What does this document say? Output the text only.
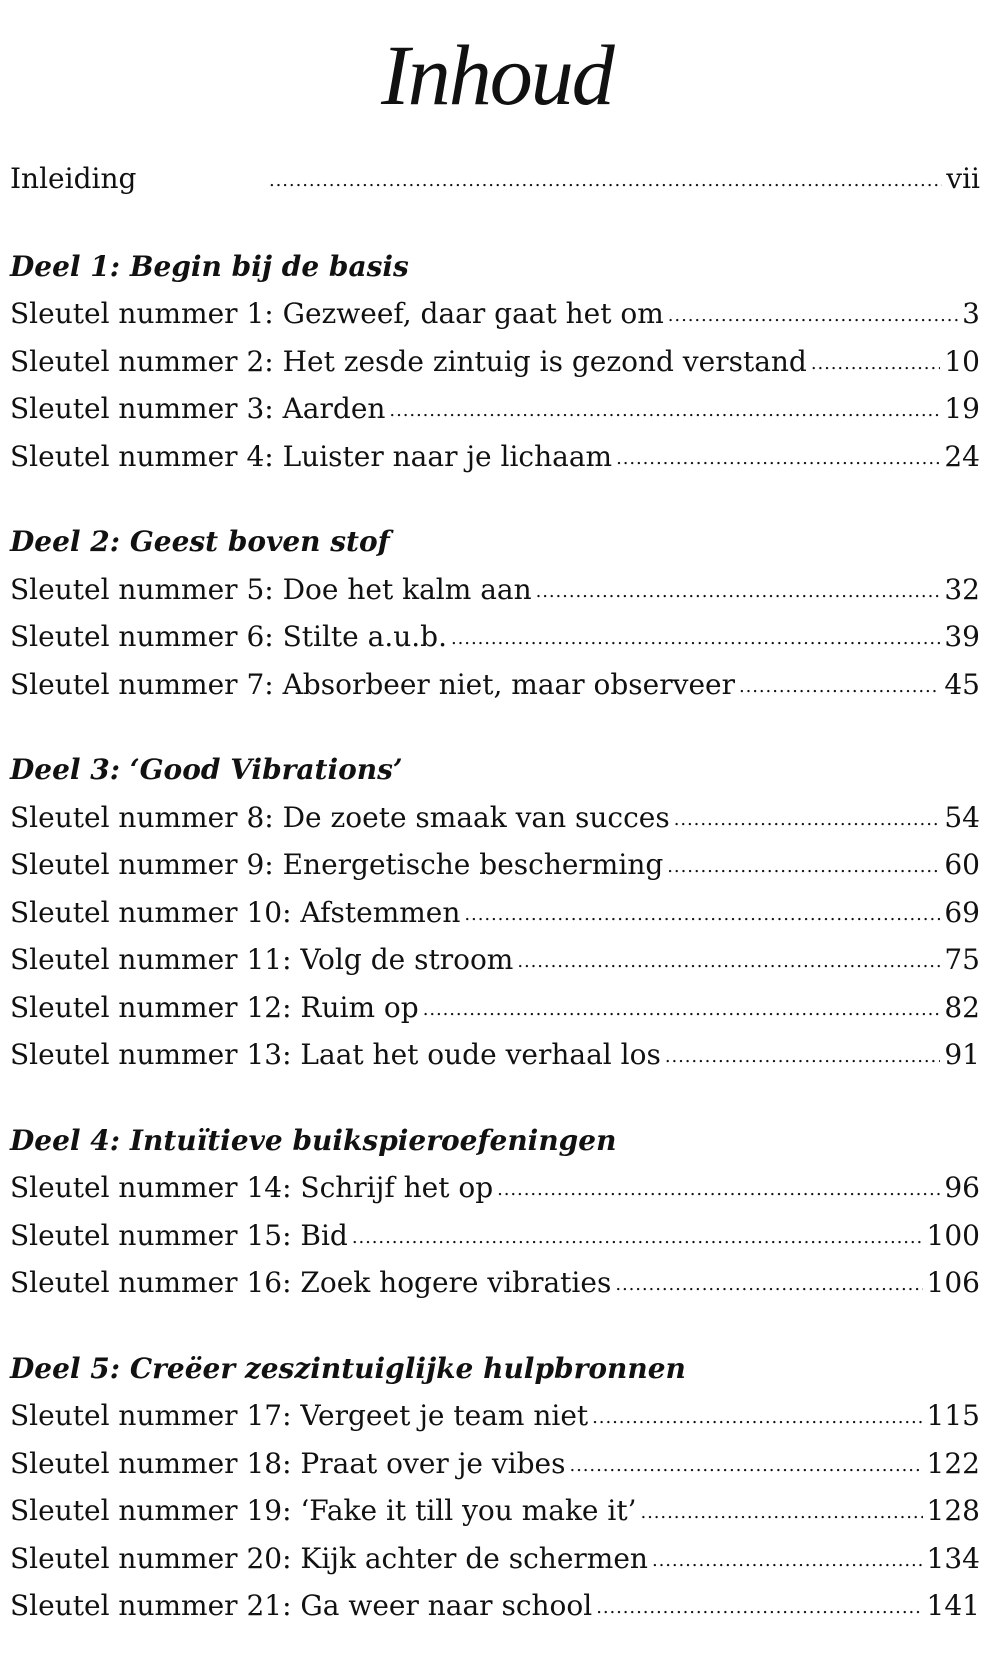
Inhoud
Inleiding . . .	vii
Deel 1: Begin bij de basis
Sleutel nummer 1: Gezweef, daar gaat het om . . .	3
Sleutel nummer 2: Het zesde zintuig is gezond verstand . . .	10
Sleutel nummer 3: Aarden . . .	19
Sleutel nummer 4: Luister naar je lichaam . . .	24
Deel 2: Geest boven stof
Sleutel nummer 5: Doe het kalm aan . . .	32
Sleutel nummer 6: Stilte a.u.b. . . .	39
Sleutel nummer 7: Absorbeer niet, maar observeer . . .	45
Deel 3: ‘Good Vibrations’
Sleutel nummer 8: De zoete smaak van succes . . .	54
Sleutel nummer 9: Energetische bescherming . . .	60
Sleutel nummer 10: Afstemmen . . .	69
Sleutel nummer 11: Volg de stroom . . .	75
Sleutel nummer 12: Ruim op . . .	82
Sleutel nummer 13: Laat het oude verhaal los . . .	91
Deel 4: Intuïtieve buikspieroefeningen
Sleutel nummer 14: Schrijf het op . . .	96
Sleutel nummer 15: Bid . . .	100
Sleutel nummer 16: Zoek hogere vibraties . . .	106
Deel 5: Creëer zeszintuiglijke hulpbronnen
Sleutel nummer 17: Vergeet je team niet . . .	115
Sleutel nummer 18: Praat over je vibes . . .	122
Sleutel nummer 19: ‘Fake it till you make it’ . . .	128
Sleutel nummer 20: Kijk achter de schermen . . .	134
Sleutel nummer 21: Ga weer naar school . . .	141
